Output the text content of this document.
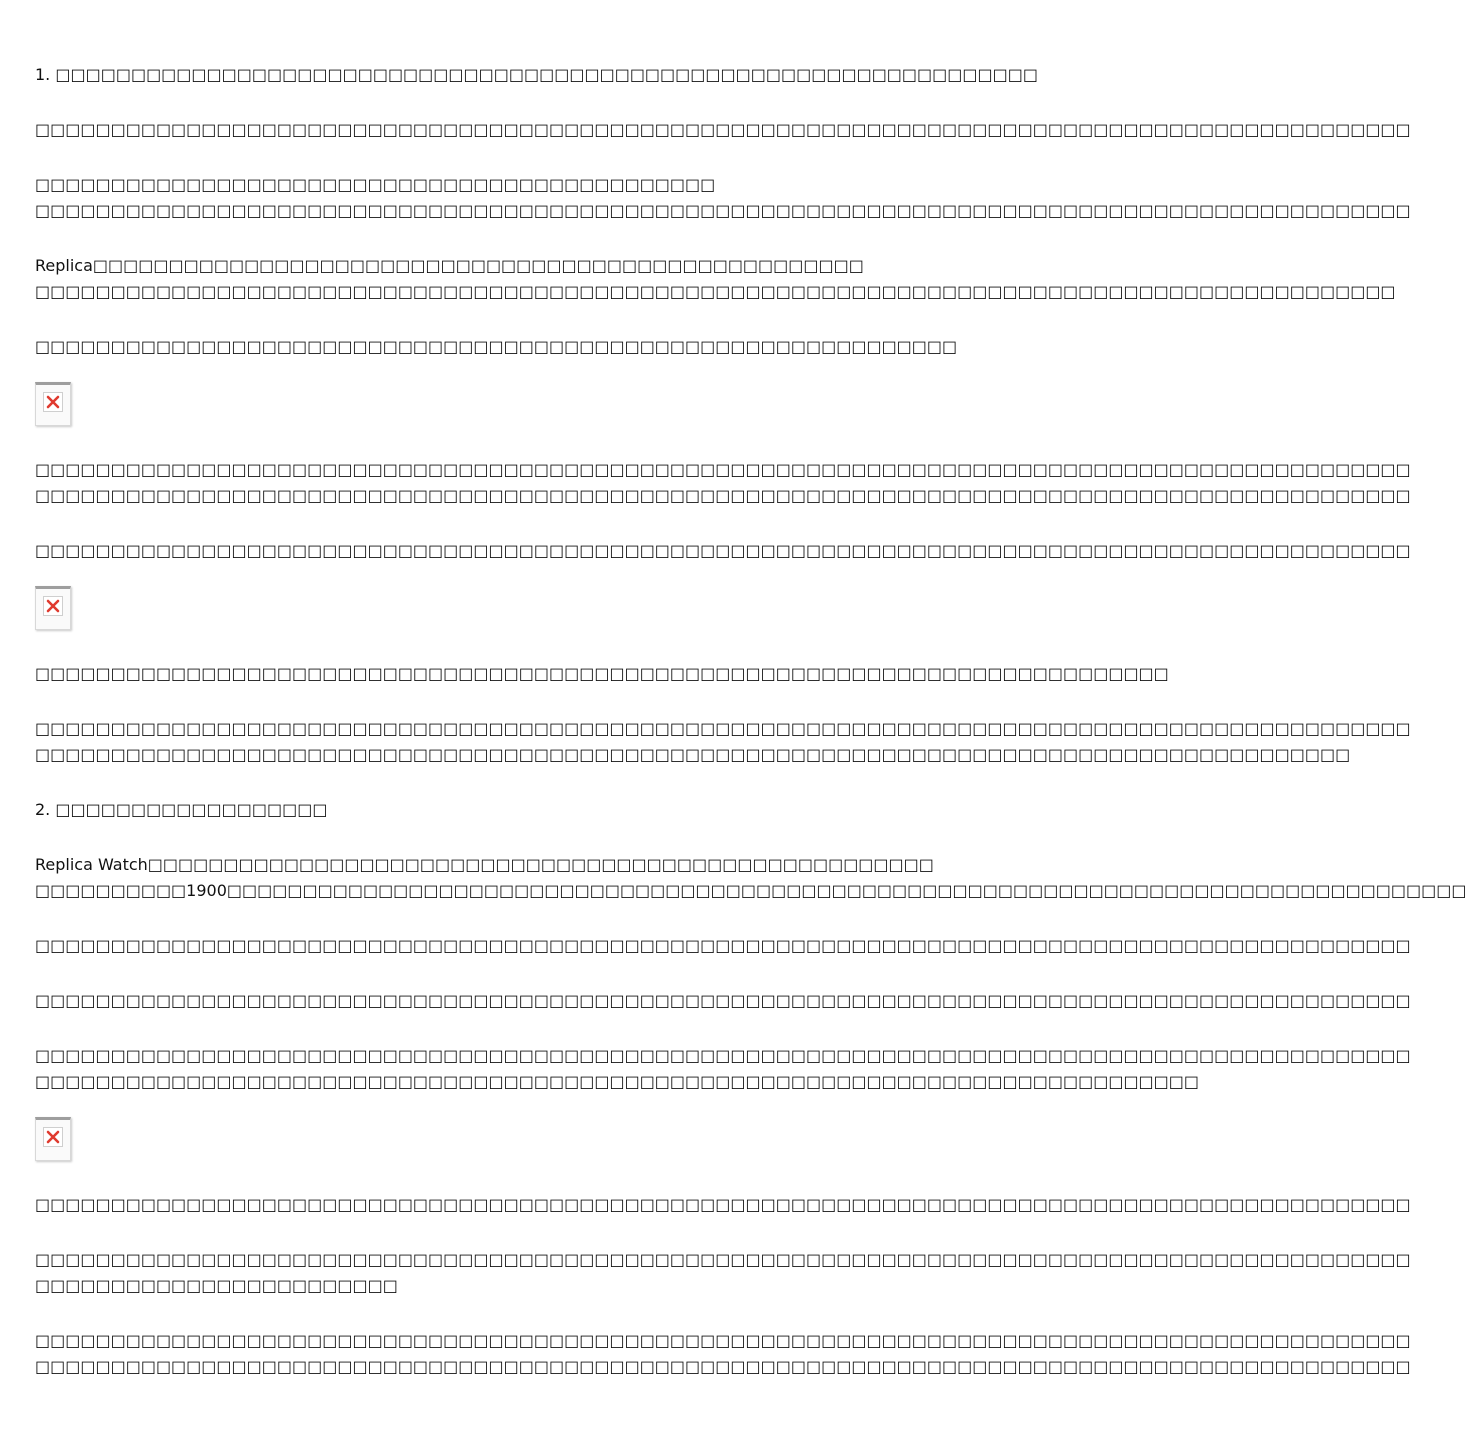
1. □□□□□□□□□□□□□□□□□□□□□□□□□□□□□□□□□□□□□□□□□□□□□□□□□□□□□□□□□□□□□□□□□
□□□□□□□□□□□□□□□□□□□□□□□□□□□□□□□□□□□□□□□□□□□□□□□□□□□□□□□□□□□□□□□□□□□□□□□□□□□□□□□□□□□□□□□□□□□
□□□□□□□□□□□□□□□□□□□□□□□□□□□□□□□□□□□□□□□□□□□□□
□□□□□□□□□□□□□□□□□□□□□□□□□□□□□□□□□□□□□□□□□□□□□□□□□□□□□□□□□□□□□□□□□□□□□□□□□□□□□□□□□□□□□□□□□□□
Replica□□□□□□□□□□□□□□□□□□□□□□□□□□□□□□□□□□□□□□□□□□□□□□□□□□□
□□□□□□□□□□□□□□□□□□□□□□□□□□□□□□□□□□□□□□□□□□□□□□□□□□□□□□□□□□□□□□□□□□□□□□□□□□□□□□□□□□□□□□□□□□
□□□□□□□□□□□□□□□□□□□□□□□□□□□□□□□□□□□□□□□□□□□□□□□□□□□□□□□□□□□□□
□□□□□□□□□□□□□□□□□□□□□□□□□□□□□□□□□□□□□□□□□□□□□□□□□□□□□□□□□□□□□□□□□□□□□□□□□□□□□□□□□□□□□□□□□□□
□□□□□□□□□□□□□□□□□□□□□□□□□□□□□□□□□□□□□□□□□□□□□□□□□□□□□□□□□□□□□□□□□□□□□□□□□□□□□□□□□□□□□□□□□□□
□□□□□□□□□□□□□□□□□□□□□□□□□□□□□□□□□□□□□□□□□□□□□□□□□□□□□□□□□□□□□□□□□□□□□□□□□□□□□□□□□□□□□□□□□□□
□□□□□□□□□□□□□□□□□□□□□□□□□□□□□□□□□□□□□□□□□□□□□□□□□□□□□□□□□□□□□□□□□□□□□□□□□□□
□□□□□□□□□□□□□□□□□□□□□□□□□□□□□□□□□□□□□□□□□□□□□□□□□□□□□□□□□□□□□□□□□□□□□□□□□□□□□□□□□□□□□□□□□□□
□□□□□□□□□□□□□□□□□□□□□□□□□□□□□□□□□□□□□□□□□□□□□□□□□□□□□□□□□□□□□□□□□□□□□□□□□□□□□□□□□□□□□□□
2. □□□□□□□□□□□□□□□□□□
Replica Watch□□□□□□□□□□□□□□□□□□□□□□□□□□□□□□□□□□□□□□□□□□□□□□□□□□□□
□□□□□□□□□□1900□□□□□□□□□□□□□□□□□□□□□□□□□□□□□□□□□□□□□□□□□□□□□□□□□□□□□□□□□□□□□□□□□□□□□□□□□□□□□□□□□□
□□□□□□□□□□□□□□□□□□□□□□□□□□□□□□□□□□□□□□□□□□□□□□□□□□□□□□□□□□□□□□□□□□□□□□□□□□□□□□□□□□□□□□□□□□□
□□□□□□□□□□□□□□□□□□□□□□□□□□□□□□□□□□□□□□□□□□□□□□□□□□□□□□□□□□□□□□□□□□□□□□□□□□□□□□□□□□□□□□□□□□□
□□□□□□□□□□□□□□□□□□□□□□□□□□□□□□□□□□□□□□□□□□□□□□□□□□□□□□□□□□□□□□□□□□□□□□□□□□□□□□□□□□□□□□□□□□□
□□□□□□□□□□□□□□□□□□□□□□□□□□□□□□□□□□□□□□□□□□□□□□□□□□□□□□□□□□□□□□□□□□□□□□□□□□□□□
□□□□□□□□□□□□□□□□□□□□□□□□□□□□□□□□□□□□□□□□□□□□□□□□□□□□□□□□□□□□□□□□□□□□□□□□□□□□□□□□□□□□□□□□□□□
□□□□□□□□□□□□□□□□□□□□□□□□□□□□□□□□□□□□□□□□□□□□□□□□□□□□□□□□□□□□□□□□□□□□□□□□□□□□□□□□□□□□□□□□□□□
□□□□□□□□□□□□□□□□□□□□□□□□
□□□□□□□□□□□□□□□□□□□□□□□□□□□□□□□□□□□□□□□□□□□□□□□□□□□□□□□□□□□□□□□□□□□□□□□□□□□□□□□□□□□□□□□□□□□
□□□□□□□□□□□□□□□□□□□□□□□□□□□□□□□□□□□□□□□□□□□□□□□□□□□□□□□□□□□□□□□□□□□□□□□□□□□□□□□□□□□□□□□□□□□
